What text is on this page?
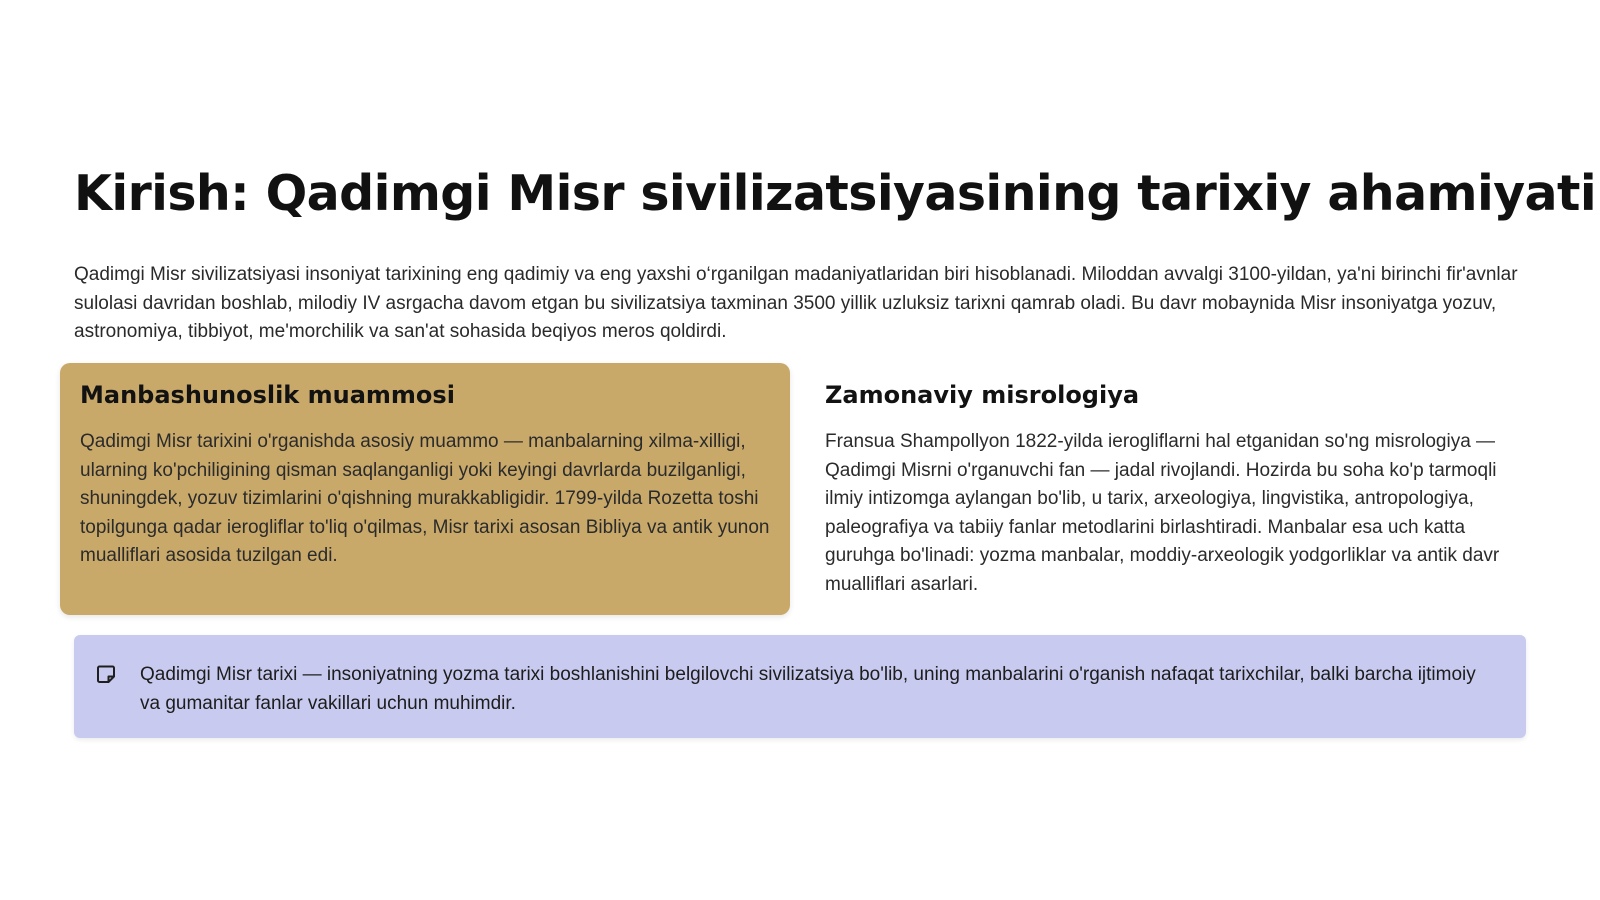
Kirish: Qadimgi Misr sivilizatsiyasining tarixiy ahamiyati

Qadimgi Misr sivilizatsiyasi insoniyat tarixining eng qadimiy va eng yaxshi o‘rganilgan madaniyatlaridan biri hisoblanadi. Miloddan avvalgi 3100-yildan, ya'ni birinchi fir'avnlar sulolasi davridan boshlab, milodiy IV asrgacha davom etgan bu sivilizatsiya taxminan 3500 yillik uzluksiz tarixni qamrab oladi. Bu davr mobaynida Misr insoniyatga yozuv, astronomiya, tibbiyot, me'morchilik va san'at sohasida beqiyos meros qoldirdi.

Manbashunoslik muammosi

Qadimgi Misr tarixini o'rganishda asosiy muammo — manbalarning xilma-xilligi, ularning ko'pchiligining qisman saqlanganligi yoki keyingi davrlarda buzilganligi, shuningdek, yozuv tizimlarini o'qishning murakkabligidir. 1799-yilda Rozetta toshi topilgunga qadar ierogliflar to'liq o'qilmas, Misr tarixi asosan Bibliya va antik yunon mualliflari asosida tuzilgan edi.

Zamonaviy misrologiya

Fransua Shampollyon 1822-yilda ierogliflarni hal etganidan so'ng misrologiya — Qadimgi Misrni o'rganuvchi fan — jadal rivojlandi. Hozirda bu soha ko'p tarmoqli ilmiy intizomga aylangan bo'lib, u tarix, arxeologiya, lingvistika, antropologiya, paleografiya va tabiiy fanlar metodlarini birlashtiradi. Manbalar esa uch katta guruhga bo'linadi: yozma manbalar, moddiy-arxeologik yodgorliklar va antik davr mualliflari asarlari.

Qadimgi Misr tarixi — insoniyatning yozma tarixi boshlanishini belgilovchi sivilizatsiya bo'lib, uning manbalarini o'rganish nafaqat tarixchilar, balki barcha ijtimoiy va gumanitar fanlar vakillari uchun muhimdir.
